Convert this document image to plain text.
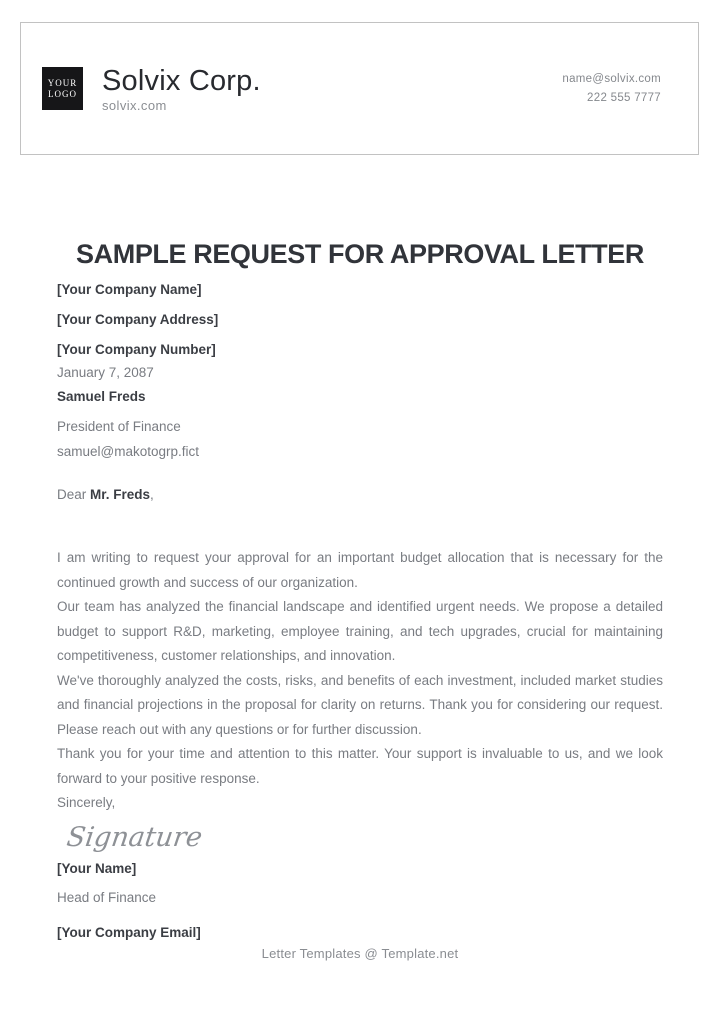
YOUR
LOGO Solvix Corp.
solvix.com
name@solvix.com
222 555 7777
SAMPLE REQUEST FOR APPROVAL LETTER
[Your Company Name]
[Your Company Address]
[Your Company Number]
January 7, 2087
Samuel Freds
President of Finance
samuel@makotogrp.fict
Dear Mr. Freds,

I am writing to request your approval for an important budget allocation that is necessary for the continued growth and success of our organization.

Our team has analyzed the financial landscape and identified urgent needs. We propose a detailed budget to support R&D, marketing, employee training, and tech upgrades, crucial for maintaining competitiveness, customer relationships, and innovation.

We've thoroughly analyzed the costs, risks, and benefits of each investment, included market studies and financial projections in the proposal for clarity on returns. Thank you for considering our request. Please reach out with any questions or for further discussion.

Thank you for your time and attention to this matter. Your support is invaluable to us, and we look forward to your positive response.

Sincerely,
Signature
[Your Name]
Head of Finance
[Your Company Email]
Letter Templates @ Template.net
